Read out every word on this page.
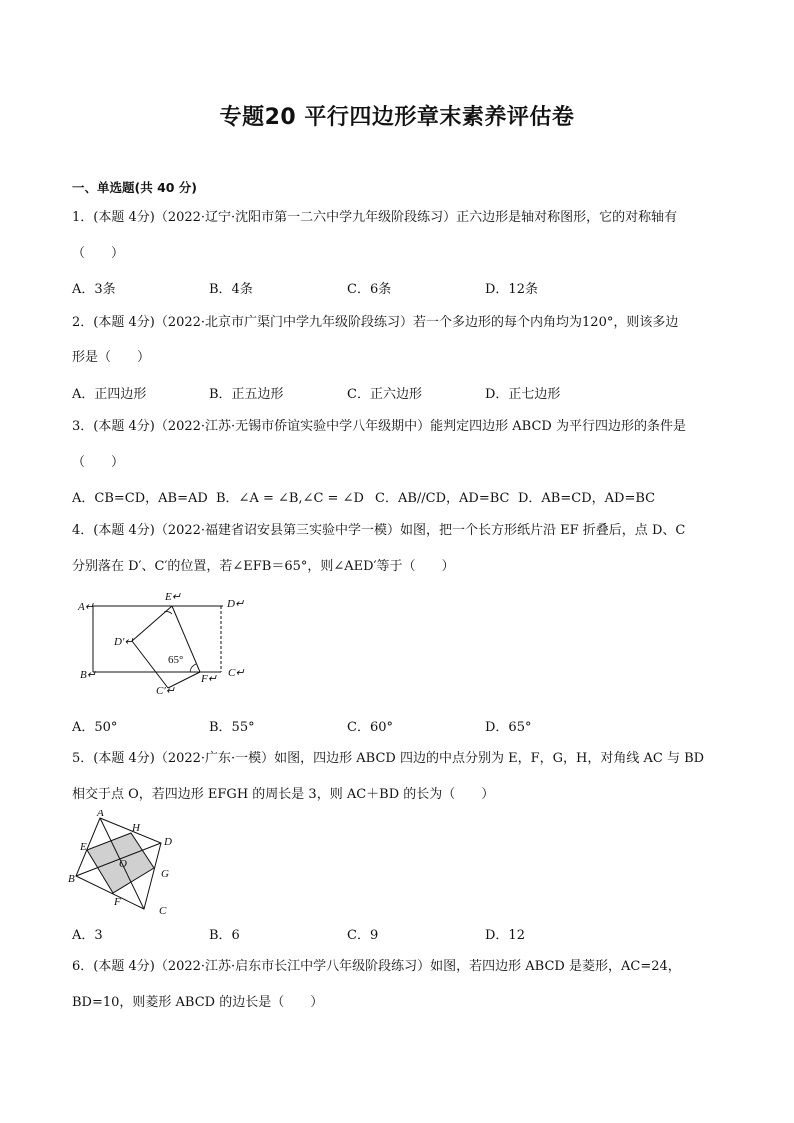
专题20 平行四边形章末素养评估卷
一、单选题(共 40 分)
1．(本题 4分)（2022·辽宁·沈阳市第一二六中学九年级阶段练习）正六边形是轴对称图形，它的对称轴有
（　　）
A．3条	B．4条	C．6条	D．12条
2．(本题 4分)（2022·北京市广渠门中学九年级阶段练习）若一个多边形的每个内角均为120°，则该多边
形是（　　）
A．正四边形	B．正五边形	C．正六边形	D．正七边形
3．(本题 4分)（2022·江苏·无锡市侨谊实验中学八年级期中）能判定四边形 ABCD 为平行四边形的条件是
（　　）
A．CB=CD，AB=AD B．∠A = ∠B,∠C = ∠D C．AB//CD，AD=BC D．AB=CD，AD=BC
4．(本题 4分)（2022·福建省诏安县第三实验中学一模）如图，把一个长方形纸片沿 EF 折叠后，点 D、C
分别落在 D′、C′的位置，若∠EFB＝65°，则∠AED′等于（　　）
A↵
E↵
D↵
D′↵
65°
B↵
C′↵
F↵ C↵
A．50°	B．55°	C．60°	D．65°
5．(本题 4分)（2022·广东·一模）如图，四边形 ABCD 四边的中点分别为 E，F，G，H，对角线 AC 与 BD
相交于点 O，若四边形 EFGH 的周长是 3，则 AC＋BD 的长为（　　）
A
H
D
E
O
B	G
F
C
A．3	B．6	C．9	D．12
6．(本题 4分)（2022·江苏·启东市长江中学八年级阶段练习）如图，若四边形 ABCD 是菱形，AC=24，
BD=10，则菱形 ABCD 的边长是（　　）
